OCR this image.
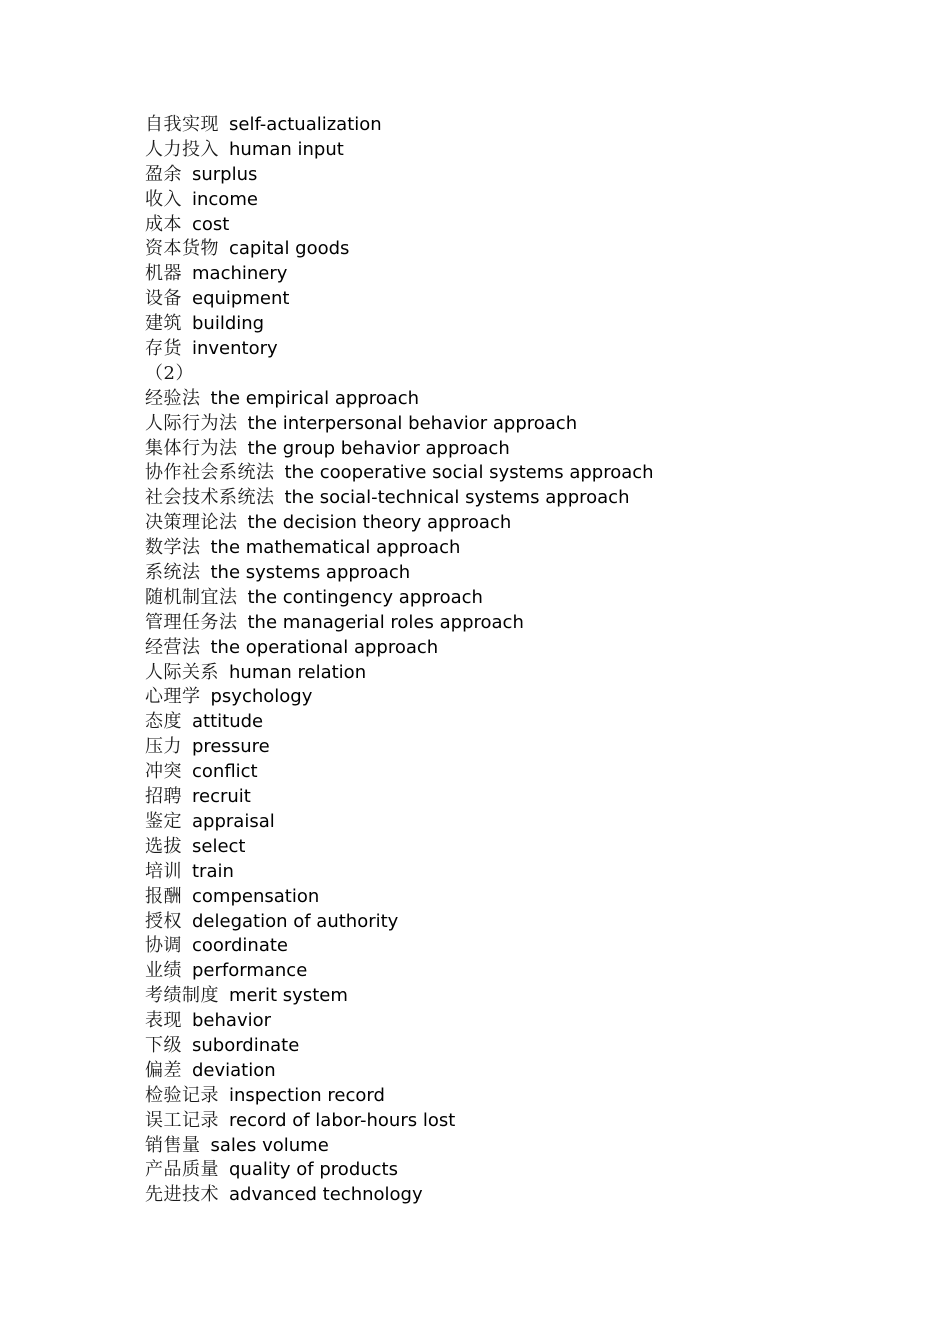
自我实现 self-actualization
人力投入 human input
盈余 surplus
收入 income
成本 cost
资本货物 capital goods
机器 machinery
设备 equipment
建筑 building
存货 inventory
（2）
经验法 the empirical approach
人际行为法 the interpersonal behavior approach
集体行为法 the group behavior approach
协作社会系统法 the cooperative social systems approach
社会技术系统法 the social-technical systems approach
决策理论法 the decision theory approach
数学法 the mathematical approach
系统法 the systems approach
随机制宜法 the contingency approach
管理任务法 the managerial roles approach
经营法 the operational approach
人际关系 human relation
心理学 psychology
态度 attitude
压力 pressure
冲突 conflict
招聘 recruit
鉴定 appraisal
选拔 select
培训 train
报酬 compensation
授权 delegation of authority
协调 coordinate
业绩 performance
考绩制度 merit system
表现 behavior
下级 subordinate
偏差 deviation
检验记录 inspection record
误工记录 record of labor-hours lost
销售量 sales volume
产品质量 quality of products
先进技术 advanced technology
